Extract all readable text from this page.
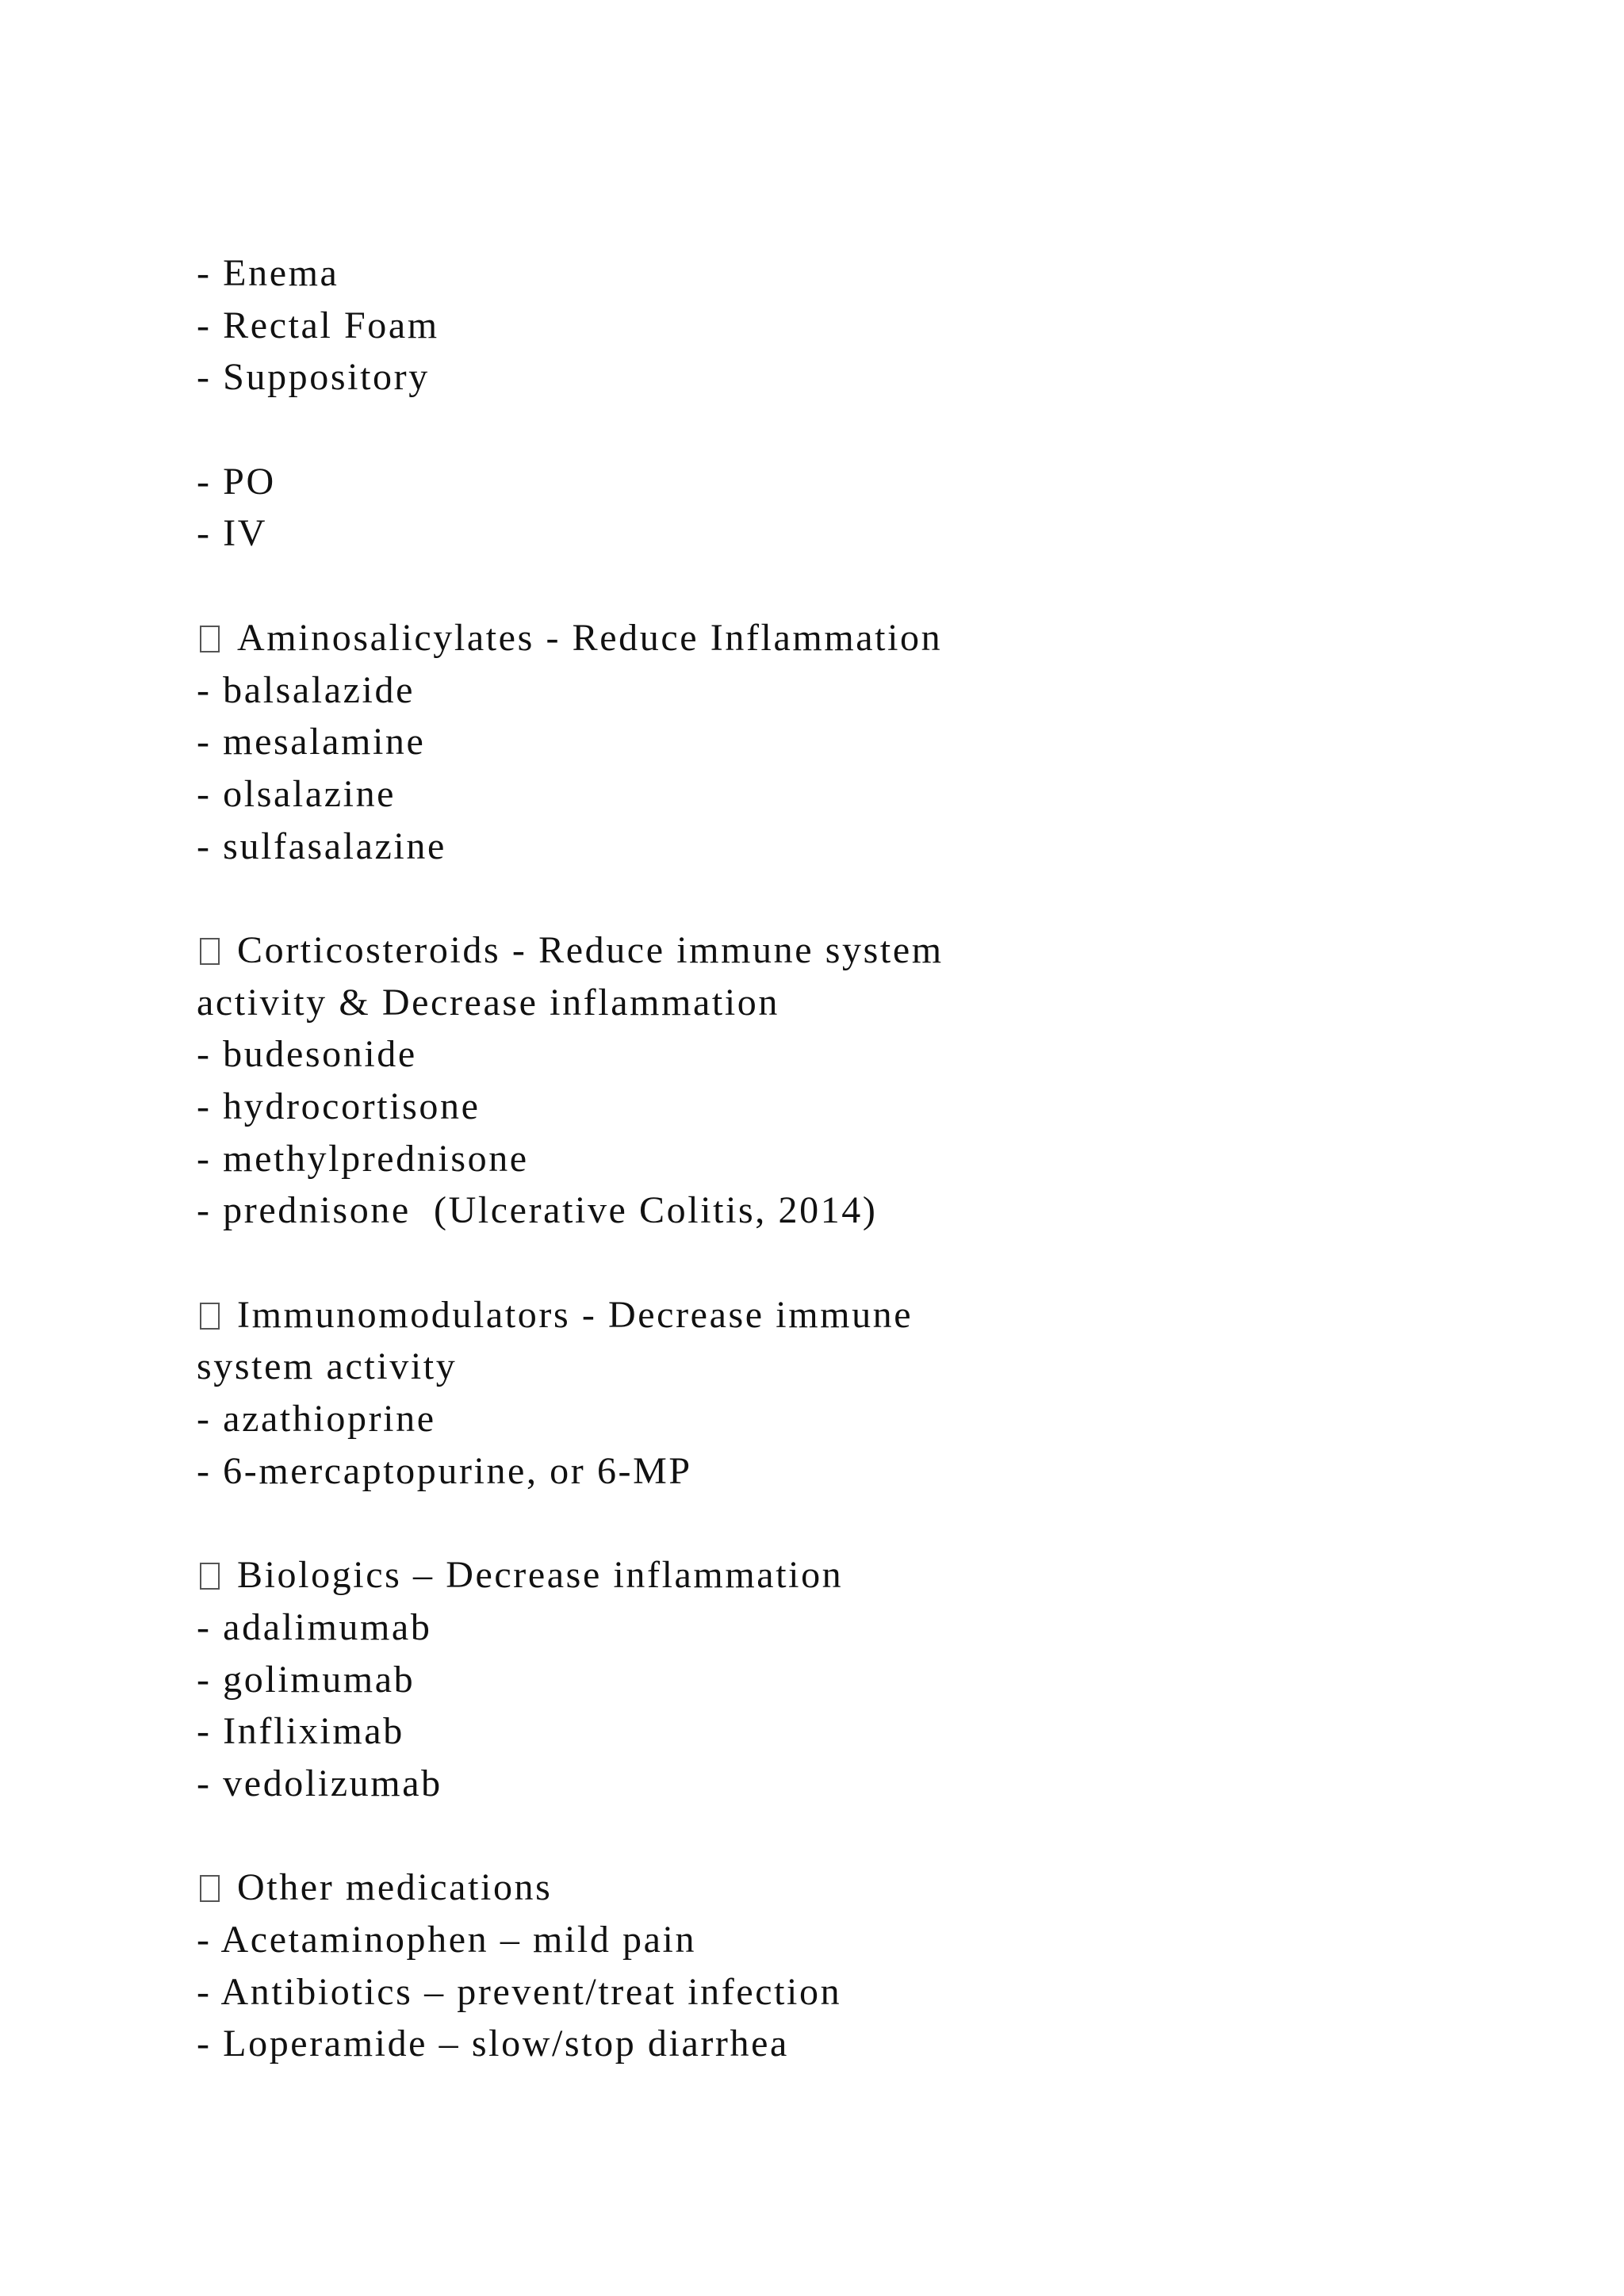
- Enema
- Rectal Foam
- Suppository
- PO
- IV
Aminosalicylates - Reduce Inflammation
- balsalazide
- mesalamine
- olsalazine
- sulfasalazine
Corticosteroids - Reduce immune system
activity & Decrease inflammation
- budesonide
- hydrocortisone
- methylprednisone
- prednisone  (Ulcerative Colitis, 2014)
Immunomodulators - Decrease immune
system activity
- azathioprine
- 6-mercaptopurine, or 6-MP
Biologics – Decrease inflammation
- adalimumab
- golimumab
- Infliximab
- vedolizumab
Other medications
- Acetaminophen – mild pain
- Antibiotics – prevent/treat infection
- Loperamide – slow/stop diarrhea
